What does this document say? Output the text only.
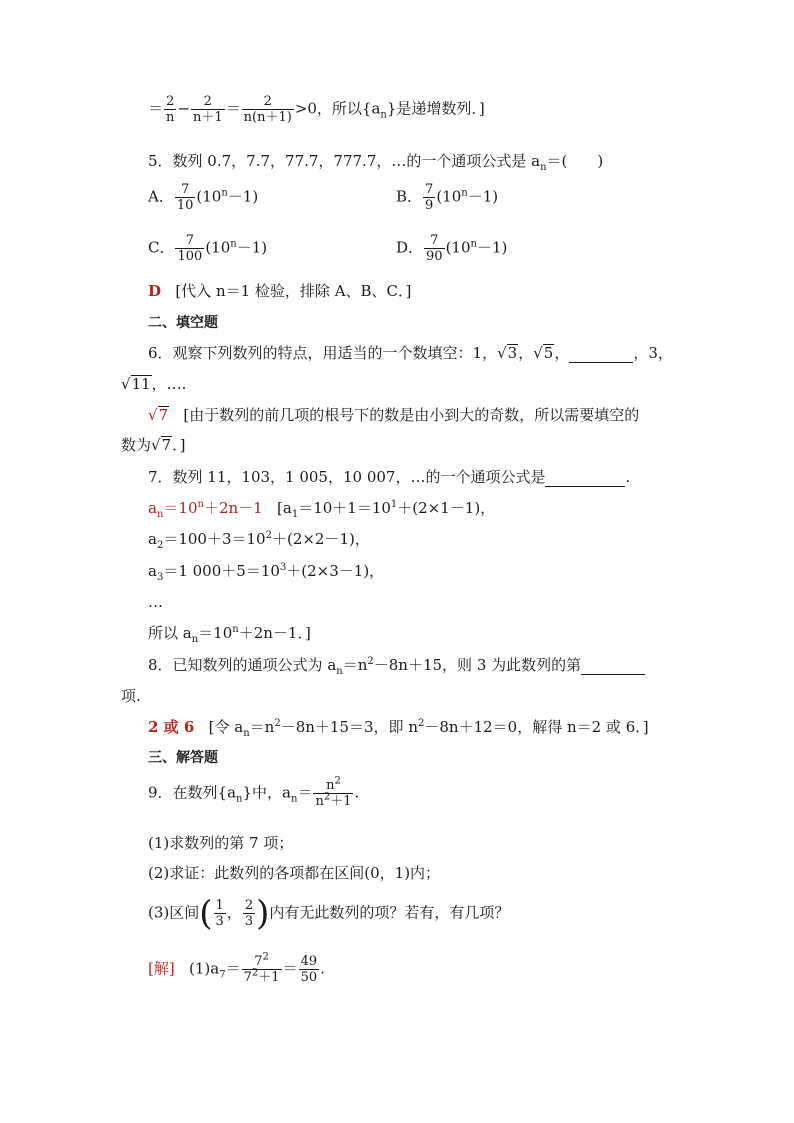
＝ $\frac{2}{n} - \frac{2}{n+1} = \frac{2}{n(n+1)} >0$，所以$\{a_n\}$是递增数列．]
5．数列 0.7，7.7，77.7，777.7，…的一个通项公式是 $a_n=$(　　)
A． $\frac{7}{10} (10^n-1)$	B． $\frac{7}{9} (10^n-1)$
C． $\frac{7}{100} (10^n-1)$	D． $\frac{7}{90} (10^n-1)$
D [代入 n＝1 检验，排除 A、B、C．]
二、填空题
6．观察下列数列的特点，用适当的一个数填空：1，√3，√5，	，3，
√11，….
√7 [由于数列的前几项的根号下的数是由小到大的奇数，所以需要填空的
数为√7．]
7．数列 11，103，1 005，10 007，…的一个通项公式是	.
$a_n=10^n+2n-1$ [$a_1=10+1=10^1+(2\times 1-1)$，
$a_2=100+3=10^2+(2\times 2-1)$，
$a_3=1$ $000+5=10^3+(2\times 3-1)$，
…
所以 $a_n=10^n+2n-1$．]
8．已知数列的通项公式为 $a_n=n^2-8n+15$，则 3 为此数列的第
项.
2 或 6 [令 $a_n=n^2-8n+15=3$，即 $n^2-8n+12=0$，解得 n＝2 或 6．]
三、解答题
9．在数列$\{a_n\}$中，$a_n= \frac{n^2}{n^2+1}$ .
(1)求数列的第 7 项；
(2)求证：此数列的各项都在区间(0，1)内；
(3)区间( $\frac{1}{3}$ ， $\frac{2}{3}$ )内有无此数列的项？若有，有几项？
[解] $(1)a_7= \frac{7^2}{7^2+1} = \frac{49}{50}$ .
